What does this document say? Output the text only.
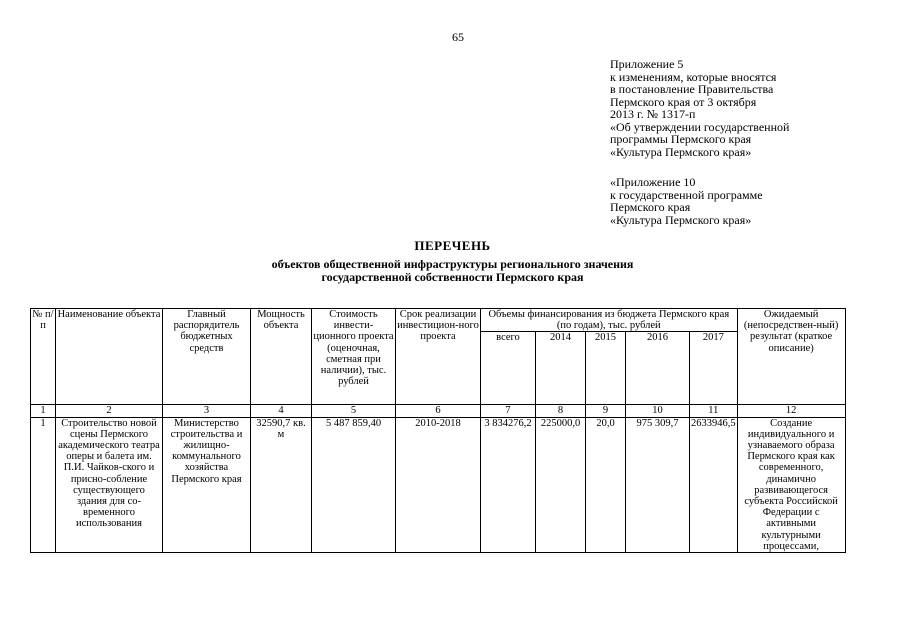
65
Приложение 5
к изменениям, которые вносятся
в постановление Правительства
Пермского края от 3 октября
2013 г. № 1317-п
«Об утверждении государственной
программы Пермского края
«Культура Пермского края»
«Приложение 10
к государственной программе
Пермского края
«Культура Пермского края»
ПЕРЕЧЕНЬ
объектов общественной инфраструктуры регионального значения
государственной собственности Пермского края
№ п/п	Наименование объекта	Главный распорядитель бюджетных средств	Мощность объекта	Стоимость инвести-ционного проекта (оценочная, сметная при наличии), тыс. рублей	Срок реализации инвестицион-ного проекта	Объемы финансирования из бюджета Пермского края (по годам), тыс. рублей					Ожидаемый (непосредствен-ный) результат (краткое описание)
						всего	2014	2015	2016	2017	
1	2	3	4	5	6	7	8	9	10	11	12
1	Строительство новой сцены Пермского академического театра оперы и балета им. П.И. Чайков-ского и присно-собление существующего здания для со-временного использования	Министерство строительства и жилищно-коммунального хозяйства Пермского края	32590,7 кв. м	5 487 859,40	2010-2018	3 834276,2	225000,0	20,0	975 309,7	2633946,5	Создание индивидуального и узнаваемого образа Пермского края как современного, динамично развивающегося субъекта Российской Федерации с активными культурными процессами,
